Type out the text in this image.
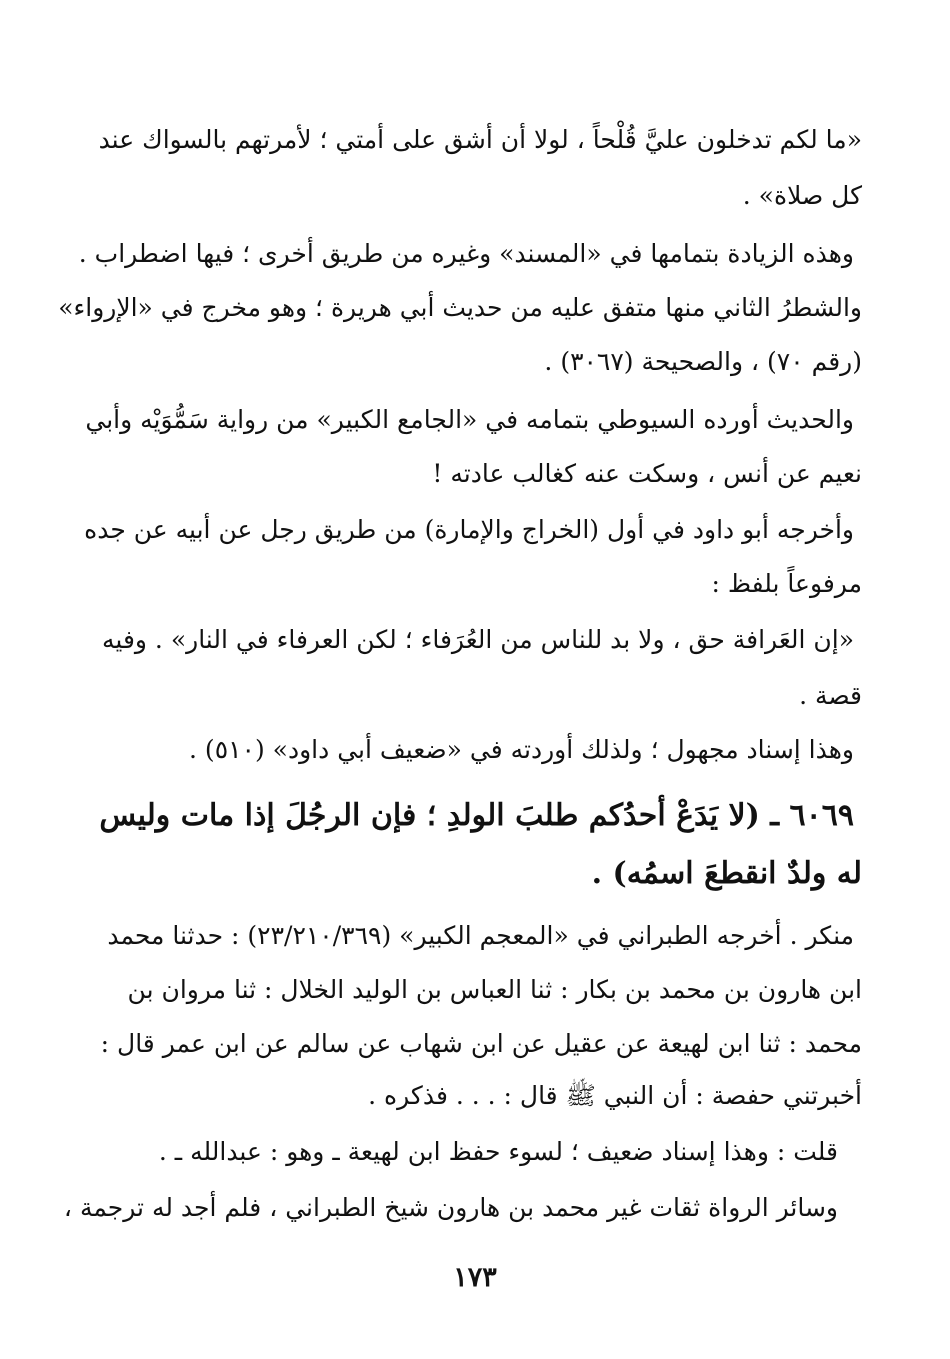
«ما لكم تدخلون عليَّ قُلْحاً ، لولا أن أشق على أمتي ؛ لأمرتهم بالسواك عند
كل صلاة» .
وهذه الزيادة بتمامها في «المسند» وغيره من طريق أخرى ؛ فيها اضطراب .
والشطرُ الثاني منها متفق عليه من حديث أبي هريرة ؛ وهو مخرج في «الإرواء»
(رقم ٧٠) ، والصحيحة (٣٠٦٧) .
والحديث أورده السيوطي بتمامه في «الجامع الكبير» من رواية سَمُّوَيْه وأبي
نعيم عن أنس ، وسكت عنه كغالب عادته !
وأخرجه أبو داود في أول (الخراج والإمارة) من طريق رجل عن أبيه عن جده
مرفوعاً بلفظ :
«إن العَرافة حق ، ولا بد للناس من العُرَفاء ؛ لكن العرفاء في النار» . وفيه
قصة .
وهذا إسناد مجهول ؛ ولذلك أوردته في «ضعيف أبي داود» (٥١٠) .
٦٠٦٩ ـ (لا يَدَعْ أحدُكم طلبَ الولدِ ؛ فإن الرجُلَ إذا مات وليس
له ولدٌ انقطعَ اسمُه) .
منكر . أخرجه الطبراني في «المعجم الكبير» (٢٣/٢١٠/٣٦٩) : حدثنا محمد
ابن هارون بن محمد بن بكار : ثنا العباس بن الوليد الخلال : ثنا مروان بن
محمد : ثنا ابن لهيعة عن عقيل عن ابن شهاب عن سالم عن ابن عمر قال :
أخبرتني حفصة : أن النبي ﷺ قال : . . . فذكره .
قلت : وهذا إسناد ضعيف ؛ لسوء حفظ ابن لهيعة ـ وهو : عبدالله ـ .
وسائر الرواة ثقات غير محمد بن هارون شيخ الطبراني ، فلم أجد له ترجمة ،
١٧٣
